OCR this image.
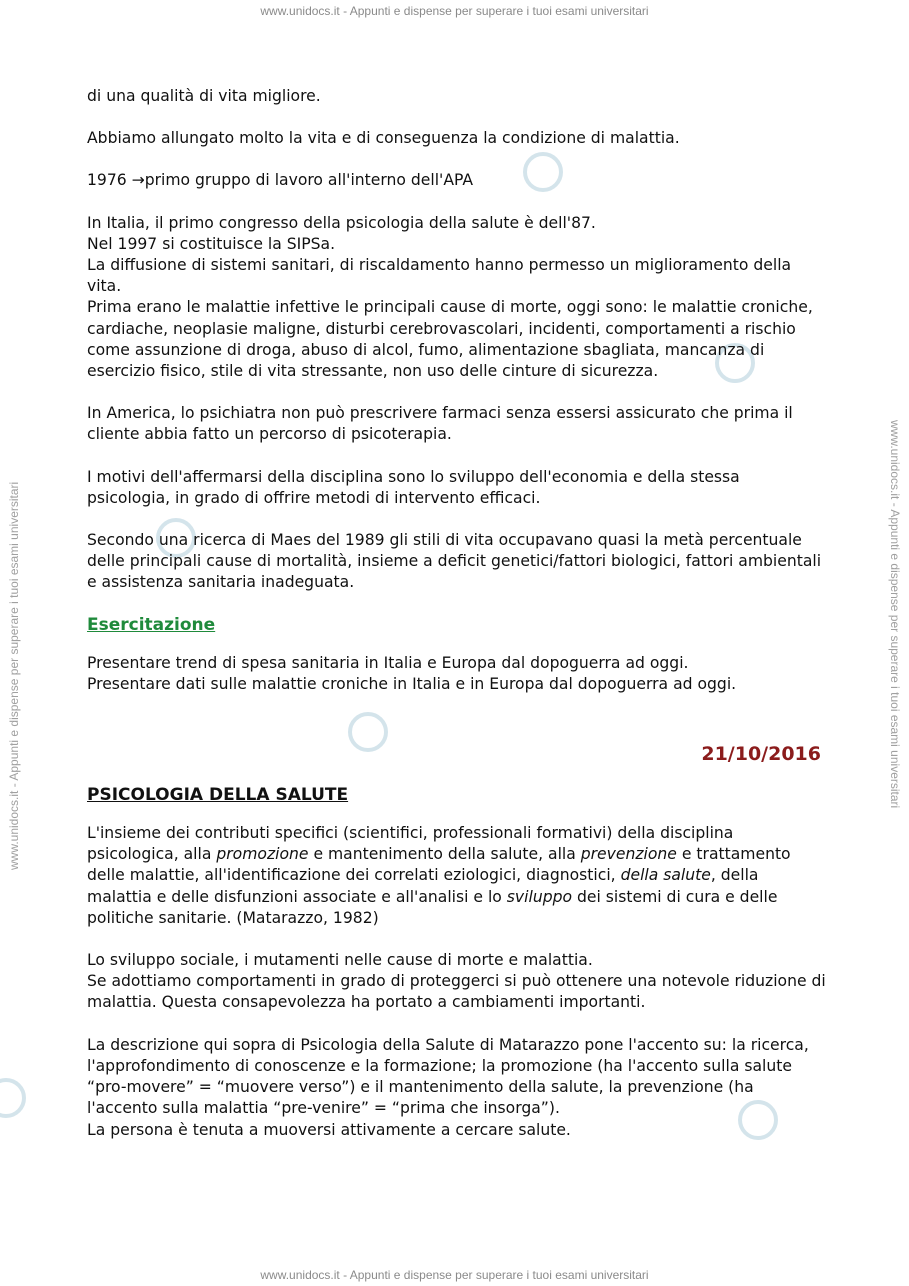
www.unidocs.it - Appunti e dispense per superare i tuoi esami universitari
www.unidocs.it - Appunti e dispense per superare i tuoi esami universitari	www.unidocs.it - Appunti e dispense per superare i tuoi esami universitari
www.unidocs.it - Appunti e dispense per superare i tuoi esami universitari

di una qualità di vita migliore.

Abbiamo allungato molto la vita e di conseguenza la condizione di malattia.

1976 →primo gruppo di lavoro all'interno dell'APA

In Italia, il primo congresso della psicologia della salute è dell'87.

Nel 1997 si costituisce la SIPSa.

La diffusione di sistemi sanitari, di riscaldamento hanno permesso un miglioramento della vita.

Prima erano le malattie infettive le principali cause di morte, oggi sono: le malattie croniche, cardiache, neoplasie maligne, disturbi cerebrovascolari, incidenti, comportamenti a rischio come assunzione di droga, abuso di alcol, fumo, alimentazione sbagliata, mancanza di esercizio fisico, stile di vita stressante, non uso delle cinture di sicurezza.

In America, lo psichiatra non può prescrivere farmaci senza essersi assicurato che prima il cliente abbia fatto un percorso di psicoterapia.

I motivi dell'affermarsi della disciplina sono lo sviluppo dell'economia e della stessa psicologia, in grado di offrire metodi di intervento efficaci.

Secondo una ricerca di Maes del 1989 gli stili di vita occupavano quasi la metà percentuale delle principali cause di mortalità, insieme a deficit genetici/fattori biologici, fattori ambientali e assistenza sanitaria inadeguata.

Esercitazione

Presentare trend di spesa sanitaria in Italia e Europa dal dopoguerra ad oggi.

Presentare dati sulle malattie croniche in Italia e in Europa dal dopoguerra ad oggi.

21/10/2016

PSICOLOGIA DELLA SALUTE

L'insieme dei contributi specifici (scientifici, professionali formativi) della disciplina psicologica, alla promozione e mantenimento della salute, alla prevenzione e trattamento delle malattie, all'identificazione dei correlati eziologici, diagnostici, della salute, della malattia e delle disfunzioni associate e all'analisi e lo sviluppo dei sistemi di cura e delle politiche sanitarie. (Matarazzo, 1982)

Lo sviluppo sociale, i mutamenti nelle cause di morte e malattia.

Se adottiamo comportamenti in grado di proteggerci si può ottenere una notevole riduzione di malattia. Questa consapevolezza ha portato a cambiamenti importanti.

La descrizione qui sopra di Psicologia della Salute di Matarazzo pone l'accento su: la ricerca, l'approfondimento di conoscenze e la formazione; la promozione (ha l'accento sulla salute “pro-movere” = “muovere verso”) e il mantenimento della salute, la prevenzione (ha l'accento sulla malattia “pre-venire” = “prima che insorga”).

La persona è tenuta a muoversi attivamente a cercare salute.
